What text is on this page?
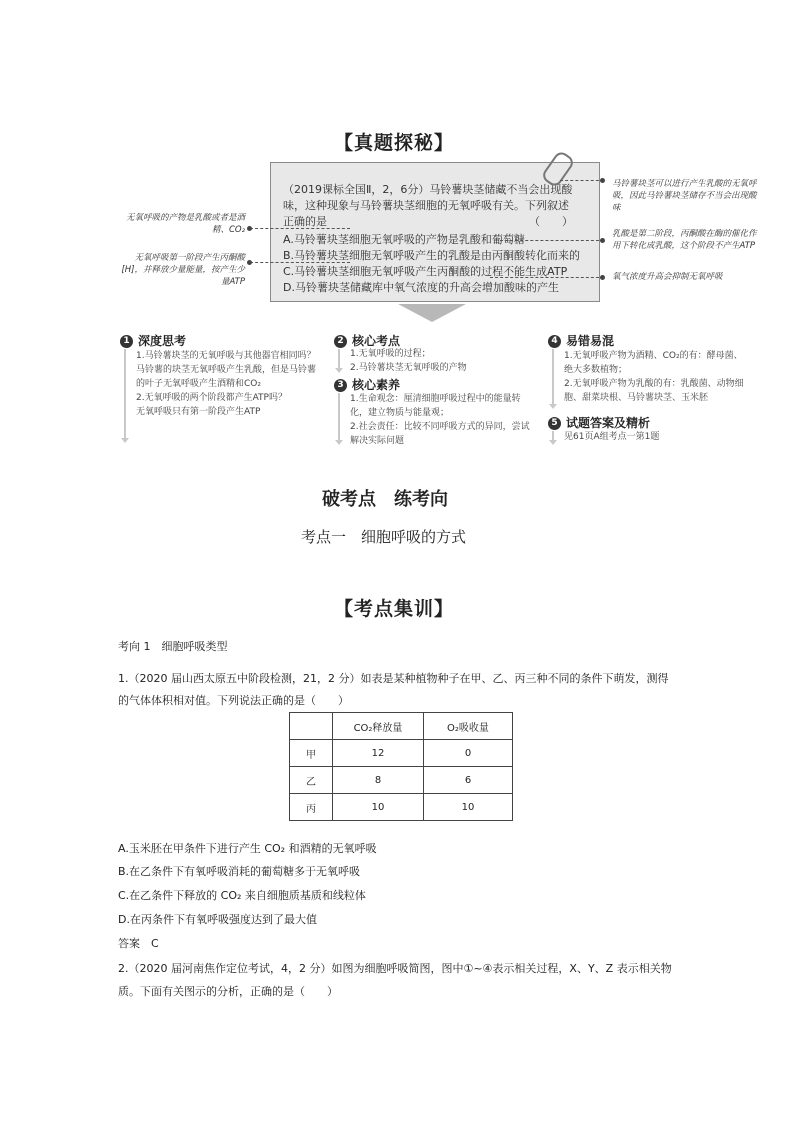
【真题探秘】
（2019课标全国Ⅱ，2，6分）马铃薯块茎储藏不当会出现酸
味，这种现象与马铃薯块茎细胞的无氧呼吸有关。下列叙述
正确的是	（　　）
A.马铃薯块茎细胞无氧呼吸的产物是乳酸和葡萄糖
B.马铃薯块茎细胞无氧呼吸产生的乳酸是由丙酮酸转化而来的
C.马铃薯块茎细胞无氧呼吸产生丙酮酸的过程不能生成ATP
D.马铃薯块茎储藏库中氧气浓度的升高会增加酸味的产生
马铃薯块茎可以进行产生乳酸的无氧呼吸，因此马铃薯块茎储存不当会出现酸味
乳酸是第二阶段，丙酮酸在酶的催化作用下转化成乳酸，这个阶段不产生ATP
氧气浓度升高会抑制无氧呼吸
无氧呼吸的产物是乳酸或者是酒精、CO₂
无氧呼吸第一阶段产生丙酮酸[H]，并释放少量能量，按产生少量ATP
1 深度思考
1.马铃薯块茎的无氧呼吸与其他器官相同吗？
马铃薯的块茎无氧呼吸产生乳酸，但是马铃薯的叶子无氧呼吸产生酒精和CO₂
2.无氧呼吸的两个阶段都产生ATP吗？
无氧呼吸只有第一阶段产生ATP
2 核心考点
1.无氧呼吸的过程；
2.马铃薯块茎无氧呼吸的产物
3 核心素养
1.生命观念：厘清细胞呼吸过程中的能量转化，建立物质与能量观；
2.社会责任：比较不同呼吸方式的异同，尝试解决实际问题
4 易错易混
1.无氧呼吸产物为酒精、CO₂的有：酵母菌、绝大多数植物；
2.无氧呼吸产物为乳酸的有：乳酸菌、动物细胞、甜菜块根、马铃薯块茎、玉米胚
5 试题答案及精析
见61页A组考点一第1题
破考点　练考向
考点一　细胞呼吸的方式
【考点集训】
考向 1　细胞呼吸类型
1.（2020 届山西太原五中阶段检测，21，2 分）如表是某种植物种子在甲、乙、丙三种不同的条件下萌发，测得
的气体体积相对值。下列说法正确的是（　　）
	CO₂释放量	O₂吸收量
甲	12	0
乙	8	6
丙	10	10
A.玉米胚在甲条件下进行产生 CO₂ 和酒精的无氧呼吸
B.在乙条件下有氧呼吸消耗的葡萄糖多于无氧呼吸
C.在乙条件下释放的 CO₂ 来自细胞质基质和线粒体
D.在丙条件下有氧呼吸强度达到了最大值
答案　C
2.（2020 届河南焦作定位考试，4，2 分）如图为细胞呼吸简图，图中①~④表示相关过程，X、Y、Z 表示相关物
质。下面有关图示的分析，正确的是（　　）
